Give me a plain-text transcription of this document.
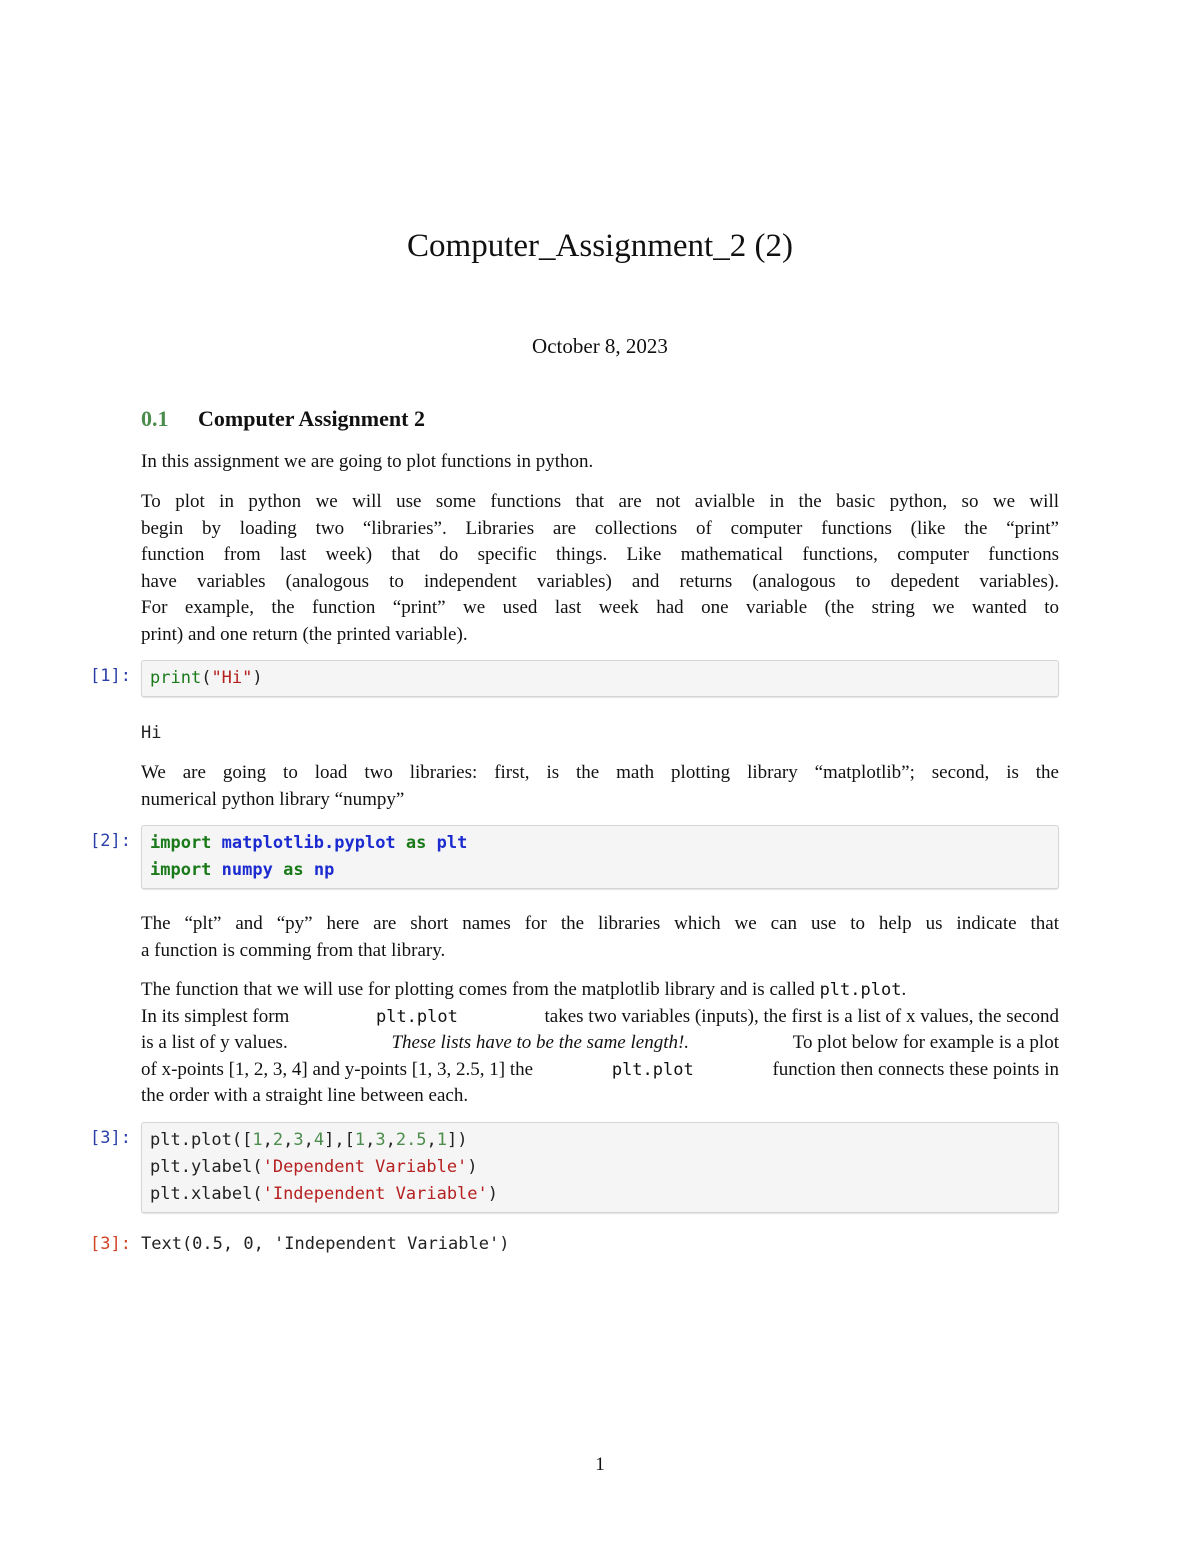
Computer_Assignment_2 (2)
October 8, 2023
0.1 Computer Assignment 2
In this assignment we are going to plot functions in python.
To plot in python we will use some functions that are not avialble in the basic python, so we will
begin by loading two “libraries”. Libraries are collections of computer functions (like the “print”
function from last week) that do specific things. Like mathematical functions, computer functions
have variables (analogous to independent variables) and returns (analogous to depedent variables).
For example, the function “print” we used last week had one variable (the string we wanted to
print) and one return (the printed variable).
[1]:	print("Hi")
Hi
We are going to load two libraries: first, is the math plotting library “matplotlib”; second, is the
numerical python library “numpy”
[2]:	import matplotlib.pyplot as plt
import numpy as np
The “plt” and “py” here are short names for the libraries which we can use to help us indicate that
a function is comming from that library.
The function that we will use for plotting comes from the matplotlib library and is called plt.plot.
In its simplest form	plt.plot	takes two variables (inputs), the first is a list of x values, the second
is a list of y values.	These lists have to be the same length!.	To plot below for example is a plot
of x-points [1, 2, 3, 4] and y-points [1, 3, 2.5, 1] the	plt.plot	function then connects these points in
the order with a straight line between each.
[3]:	plt.plot([1,2,3,4],[1,3,2.5,1])
plt.ylabel('Dependent Variable')
plt.xlabel('Independent Variable')
[3]: Text(0.5, 0, 'Independent Variable')
1
